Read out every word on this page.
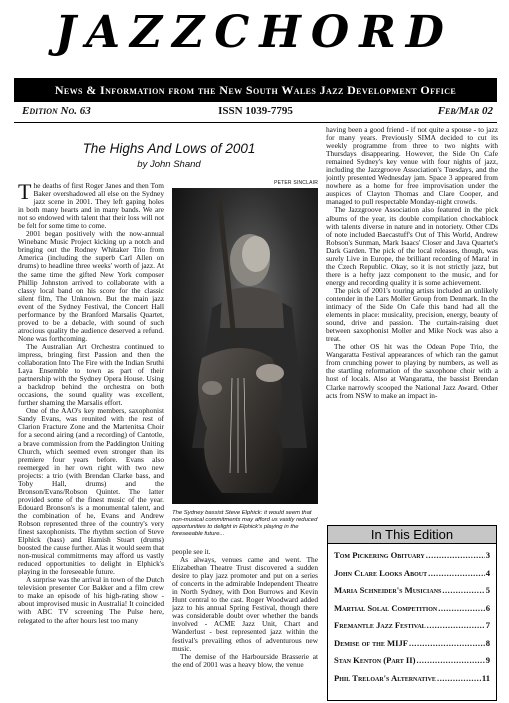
JAZZCHORD
News & Information from the New South Wales Jazz Development Office
ISSN 1039-7795
Edition No. 63	Feb/Mar 02
The Highs And Lows of 2001
by John Shand

The deaths of first Roger Janes and then Tom Baker overshadowed all else on the Sydney jazz scene in 2001. They left gaping holes in both many hearts and in many bands. We are not so endowed with talent that their loss will not be felt for some time to come.

2001 began positively with the now-annual Winebanc Music Project kicking up a notch and bringing out the Rodney Whitaker Trio from America (including the superb Carl Allen on drums) to headline three weeks' worth of jazz. At the same time the gifted New York composer Phillip Johnston arrived to collaborate with a classy local band on his score for the classic silent film, The Unknown. But the main jazz event of the Sydney Festival, the Concert Hall performance by the Branford Marsalis Quartet, proved to be a debacle, with sound of such atrocious quality the audience deserved a refund. None was forthcoming.

The Australian Art Orchestra continued to impress, bringing first Passion and then the collaboration Into The Fire with the Indian Sruthi Laya Ensemble to town as part of their partnership with the Sydney Opera House. Using a backdrop behind the orchestra on both occasions, the sound quality was excellent, further shaming the Marsalis effort.

One of the AAO's key members, saxophonist Sandy Evans, was reunited with the rest of Clarion Fracture Zone and the Martenitsa Choir for a second airing (and a recording) of Cantotle, a brave commission from the Paddington Uniting Church, which seemed even stronger than its premiere four years before. Evans also reemerged in her own right with two new projects: a trio (with Brendan Clarke bass, and Toby Hall, drums) and the Bronson/Evans/Robson Quintet. The latter provided some of the finest music of the year. Edouard Bronson's is a monumental talent, and the combination of he, Evans and Andrew Robson represented three of the country's very finest saxophonists. The rhythm section of Steve Elphick (bass) and Hamish Stuart (drums) boosted the cause further. Alas it would seem that non-musical commitments may afford us vastly reduced opportunities to delight in Elphick's playing in the foreseeable future.

A surprise was the arrival in town of the Dutch television presenter Cor Bakker and a film crew to make an episode of his high-rating show - about improvised music in Australia! It coincided with ABC TV screening The Pulse here, relegated to the after hours lest too many

PETER SINCLAIR
The Sydney bassist Steve Elphick: it would seem that non-musical commitments may afford us vastly reduced opportunities to delight in Elphick's playing in the foreseeable future...

people see it.

As always, venues came and went. The Elizabethan Theatre Trust discovered a sudden desire to play jazz promoter and put on a series of concerts in the admirable Independent Theatre in North Sydney, with Don Burrows and Kevin Hunt central to the cast. Roger Woodward added jazz to his annual Spring Festival, though there was considerable doubt over whether the bands involved - ACME Jazz Unit, Chart and Wanderlust - best represented jazz within the festival's prevailing ethos of adventurous new music.

The demise of the Harbourside Brasserie at the end of 2001 was a heavy blow, the venue

having been a good friend - if not quite a spouse - to jazz for many years. Previously SIMA decided to cut its weekly programme from three to two nights with Thursdays disappearing. However, the Side On Cafe remained Sydney's key venue with four nights of jazz, including the Jazzgroove Association's Tuesdays, and the jointly presented Wednesday jam. Space 3 appeared from nowhere as a home for free improvisation under the auspices of Clayton Thomas and Clare Cooper, and managed to pull respectable Monday-night crowds.

The Jazzgroove Association also featured in the pick albums of the year, its double compilation chockablock with talents diverse in nature and in notoriety. Other CDs of note included Baecastuff's Out of This World, Andrew Robson's Sunman, Mark Isaacs' Closer and Java Quartet's Dark Garden. The pick of the local releases, though, was surely Live in Europe, the brilliant recording of Mara! in the Czech Republic. Okay, so it is not strictly jazz, but there is a hefty jazz component to the music, and for energy and recording quality it is some achievement.

The pick of 2001's touring artists included an unlikely contender in the Lars Moller Group from Denmark. In the intimacy of the Side On Cafe this band had all the elements in place: musicality, precision, energy, beauty of sound, drive and passion. The curtain-raising duet between saxophonist Moller and Mike Nock was also a treat.

The other OS hit was the Odean Pope Trio, the Wangaratta Festival appearances of which ran the gamut from crunching power to playing by numbers, as well as the startling reformation of the saxophone choir with a host of locals. Also at Wangaratta, the bassist Brendan Clarke narrowly scooped the National Jazz Award. Other acts from NSW to make an impact in-

In This Edition
Tom Pickering Obituary .....	3
John Clare Looks About .....	4
Maria Schneider's Musicians .....	5
Martial Solal Competition .....	6
Fremantle Jazz Festival .....	7
Demise of the MIJF .....	8
Stan Kenton (Part II) .....	9
Phil Treloar's Alternative .....	11
